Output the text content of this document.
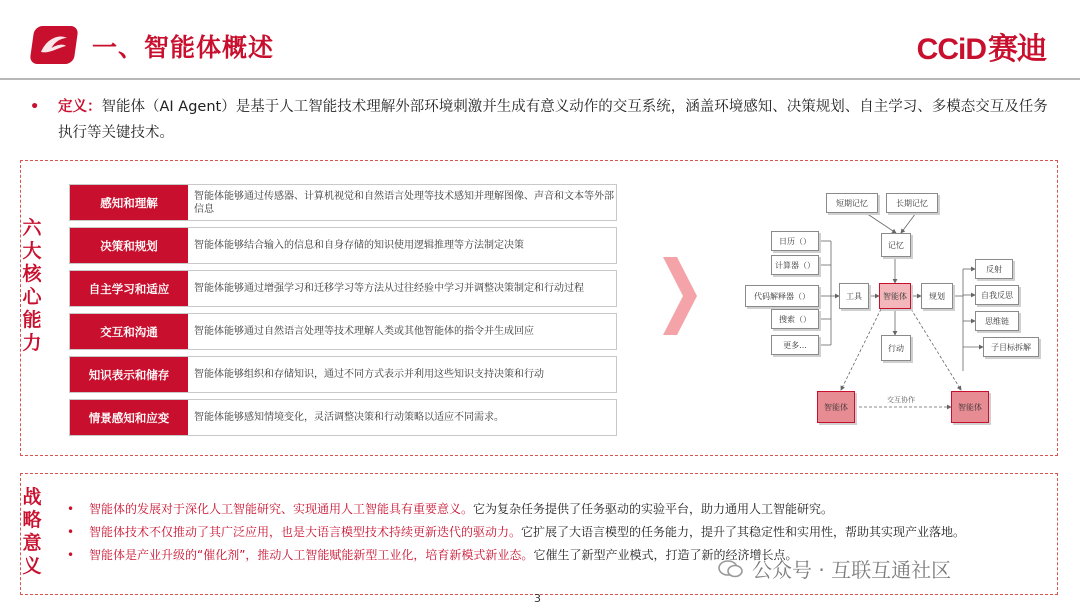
一、智能体概述	CCiD赛迪
•	定义：智能体（AI Agent）是基于人工智能技术理解外部环境刺激并生成有意义动作的交互系统，涵盖环境感知、决策规划、自主学习、多模态交互及任务执行等关键技术。
六
大
核
心
能
力
感知和理解	智能体能够通过传感器、计算机视觉和自然语言处理等技术感知并理解图像、声音和文本等外部信息
决策和规划	智能体能够结合输入的信息和自身存储的知识使用逻辑推理等方法制定决策
自主学习和适应	智能体能够通过增强学习和迁移学习等方法从过往经验中学习并调整决策制定和行动过程
交互和沟通	智能体能够通过自然语言处理等技术理解人类或其他智能体的指令并生成回应
知识表示和储存	智能体能够组织和存储知识，通过不同方式表示并利用这些知识支持决策和行动
情景感知和应变	智能体能够感知情境变化，灵活调整决策和行动策略以适应不同需求。
短期记忆	长期记忆
记忆
日历（）
计算器（）
代码解释器（）
搜索（）
更多...
工具	智能体	规划
行动
反射
自我反思
思维链
子目标拆解
智能体	智能体
交互协作
战
略
意
义
• 智能体的发展对于深化人工智能研究、实现通用人工智能具有重要意义。它为复杂任务提供了任务驱动的实验平台，助力通用人工智能研究。
• 智能体技术不仅推动了其广泛应用，也是大语言模型技术持续更新迭代的驱动力。它扩展了大语言模型的任务能力，提升了其稳定性和实用性，帮助其实现产业落地。
• 智能体是产业升级的“催化剂”，推动人工智能赋能新型工业化，培育新模式新业态。它催生了新型产业模式，打造了新的经济增长点。
公众号 · 互联互通社区
3
